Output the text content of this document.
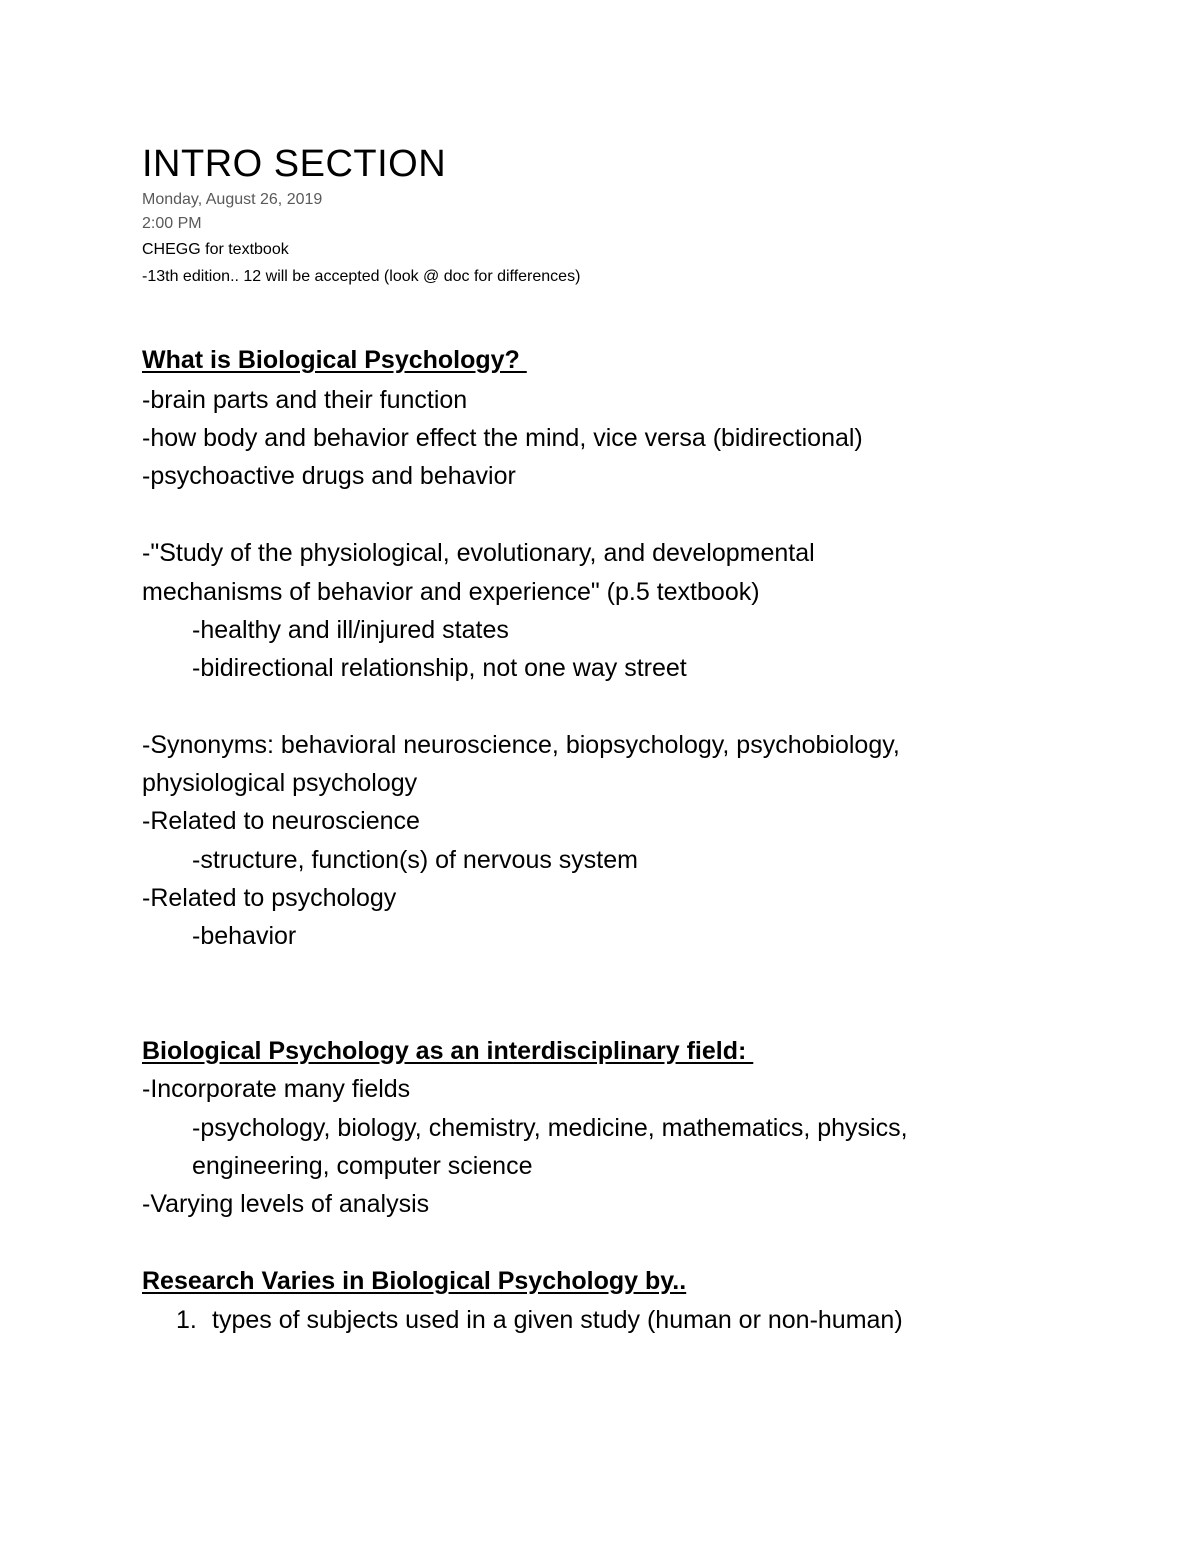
INTRO SECTION
Monday, August 26, 2019
2:00 PM
CHEGG for textbook
-13th edition.. 12 will be accepted (look @ doc for differences)
What is Biological Psychology?
-brain parts and their function
-how body and behavior effect the mind, vice versa (bidirectional)
-psychoactive drugs and behavior
-"Study of the physiological, evolutionary, and developmental
mechanisms of behavior and experience" (p.5 textbook)
-healthy and ill/injured states
-bidirectional relationship, not one way street
-Synonyms: behavioral neuroscience, biopsychology, psychobiology,
physiological psychology
-Related to neuroscience
-structure, function(s) of nervous system
-Related to psychology
-behavior
Biological Psychology as an interdisciplinary field:
-Incorporate many fields
-psychology, biology, chemistry, medicine, mathematics, physics,
engineering, computer science
-Varying levels of analysis
Research Varies in Biological Psychology by..
1. types of subjects used in a given study (human or non-human)
